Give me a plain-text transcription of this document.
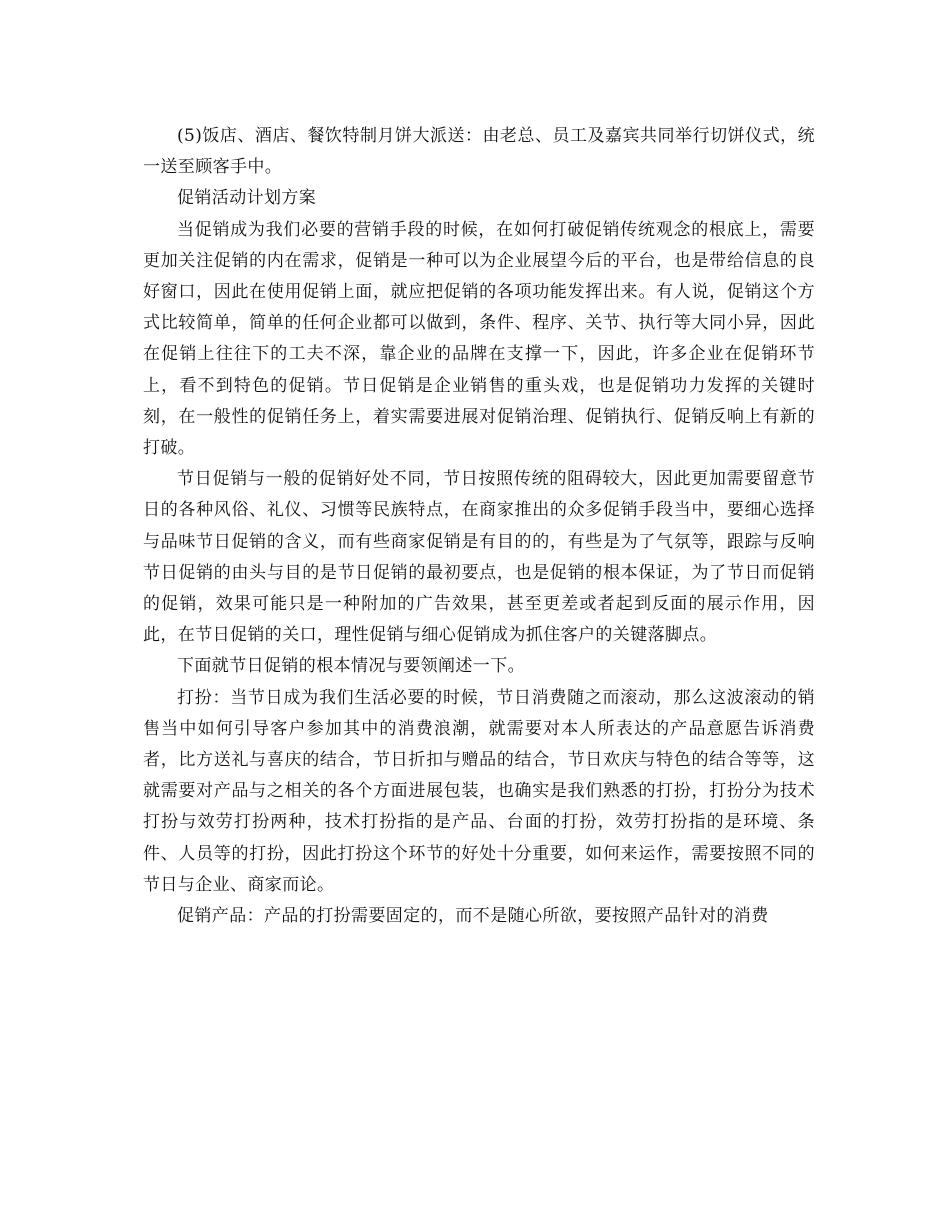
(5)饭店、酒店、餐饮特制月饼大派送：由老总、员工及嘉宾共同举行切饼仪式，统一送至顾客手中。

促销活动计划方案

当促销成为我们必要的营销手段的时候，在如何打破促销传统观念的根底上，需要更加关注促销的内在需求，促销是一种可以为企业展望今后的平台，也是带给信息的良好窗口，因此在使用促销上面，就应把促销的各项功能发挥出来。有人说，促销这个方式比较简单，简单的任何企业都可以做到，条件、程序、关节、执行等大同小异，因此在促销上往往下的工夫不深，靠企业的品牌在支撑一下，因此，许多企业在促销环节上，看不到特色的促销。节日促销是企业销售的重头戏，也是促销功力发挥的关键时刻，在一般性的促销任务上，着实需要进展对促销治理、促销执行、促销反响上有新的打破。

节日促销与一般的促销好处不同，节日按照传统的阻碍较大，因此更加需要留意节日的各种风俗、礼仪、习惯等民族特点，在商家推出的众多促销手段当中，要细心选择与品味节日促销的含义，而有些商家促销是有目的的，有些是为了气氛等，跟踪与反响节日促销的由头与目的是节日促销的最初要点，也是促销的根本保证，为了节日而促销的促销，效果可能只是一种附加的广告效果，甚至更差或者起到反面的展示作用，因此，在节日促销的关口，理性促销与细心促销成为抓住客户的关键落脚点。

下面就节日促销的根本情况与要领阐述一下。

打扮：当节日成为我们生活必要的时候，节日消费随之而滚动，那么这波滚动的销售当中如何引导客户参加其中的消费浪潮，就需要对本人所表达的产品意愿告诉消费者，比方送礼与喜庆的结合，节日折扣与赠品的结合，节日欢庆与特色的结合等等，这就需要对产品与之相关的各个方面进展包装，也确实是我们熟悉的打扮，打扮分为技术打扮与效劳打扮两种，技术打扮指的是产品、台面的打扮，效劳打扮指的是环境、条件、人员等的打扮，因此打扮这个环节的好处十分重要，如何来运作，需要按照不同的节日与企业、商家而论。

促销产品：产品的打扮需要固定的，而不是随心所欲，要按照产品针对的消费
